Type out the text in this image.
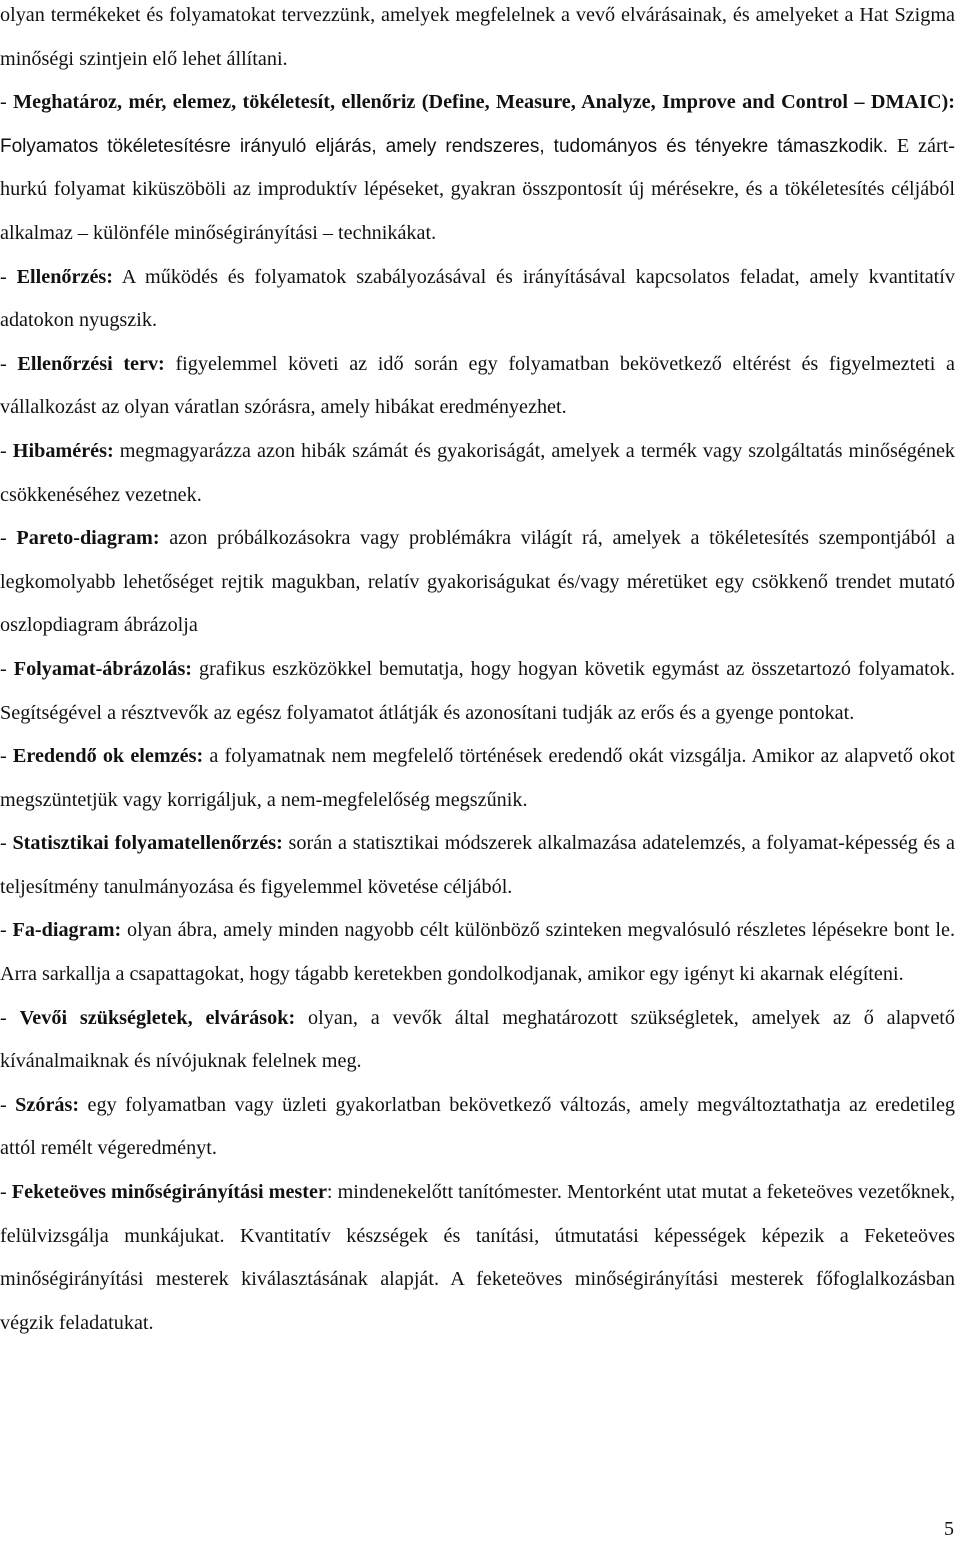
olyan termékeket és folyamatokat tervezzünk, amelyek megfelelnek a vevő elvárásainak, és amelyeket a Hat Szigma minőségi szintjein elő lehet állítani.

- Meghatároz, mér, elemez, tökéletesít, ellenőriz (Define, Measure, Analyze, Improve and Control – DMAIC): Folyamatos tökéletesítésre irányuló eljárás, amely rendszeres, tudományos és tényekre támaszkodik. E zárt-hurkú folyamat kiküszöböli az improduktív lépéseket, gyakran összpontosít új mérésekre, és a tökéletesítés céljából alkalmaz – különféle minőségirányítási – technikákat.

- Ellenőrzés: A működés és folyamatok szabályozásával és irányításával kapcsolatos feladat, amely kvantitatív adatokon nyugszik.

- Ellenőrzési terv: figyelemmel követi az idő során egy folyamatban bekövetkező eltérést és figyelmezteti a vállalkozást az olyan váratlan szórásra, amely hibákat eredményezhet.

- Hibamérés: megmagyarázza azon hibák számát és gyakoriságát, amelyek a termék vagy szolgáltatás minőségének csökkenéséhez vezetnek.

- Pareto-diagram: azon próbálkozásokra vagy problémákra világít rá, amelyek a tökéletesítés szempontjából a legkomolyabb lehetőséget rejtik magukban, relatív gyakoriságukat és/vagy méretüket egy csökkenő trendet mutató oszlopdiagram ábrázolja

- Folyamat-ábrázolás: grafikus eszközökkel bemutatja, hogy hogyan követik egymást az összetartozó folyamatok. Segítségével a résztvevők az egész folyamatot átlátják és azonosítani tudják az erős és a gyenge pontokat.

- Eredendő ok elemzés: a folyamatnak nem megfelelő történések eredendő okát vizsgálja. Amikor az alapvető okot megszüntetjük vagy korrigáljuk, a nem-megfelelőség megszűnik.

- Statisztikai folyamatellenőrzés: során a statisztikai módszerek alkalmazása adatelemzés, a folyamat-képesség és a teljesítmény tanulmányozása és figyelemmel követése céljából.

- Fa-diagram: olyan ábra, amely minden nagyobb célt különböző szinteken megvalósuló részletes lépésekre bont le. Arra sarkallja a csapattagokat, hogy tágabb keretekben gondolkodjanak, amikor egy igényt ki akarnak elégíteni.

- Vevői szükségletek, elvárások: olyan, a vevők által meghatározott szükségletek, amelyek az ő alapvető kívánalmaiknak és nívójuknak felelnek meg.

- Szórás: egy folyamatban vagy üzleti gyakorlatban bekövetkező változás, amely megváltoztathatja az eredetileg attól remélt végeredményt.

- Feketeöves minőségirányítási mester: mindenekelőtt tanítómester. Mentorként utat mutat a feketeöves vezetőknek, felülvizsgálja munkájukat. Kvantitatív készségek és tanítási, útmutatási képességek képezik a Feketeöves minőségirányítási mesterek kiválasztásának alapját. A feketeöves minőségirányítási mesterek főfoglalkozásban végzik feladatukat.

5
